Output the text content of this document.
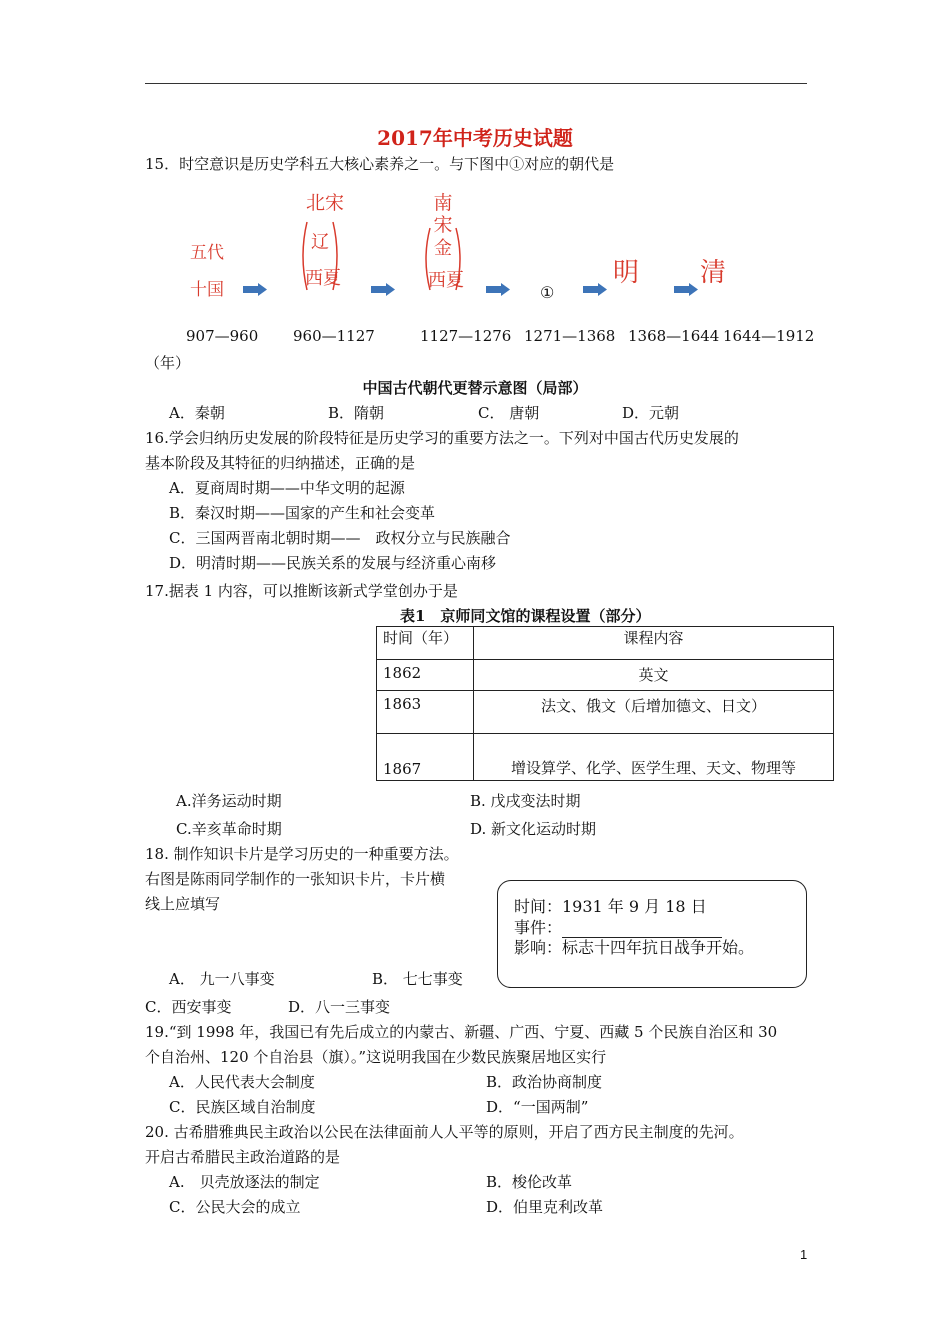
2017年中考历史试题
15．时空意识是历史学科五大核心素养之一。与下图中①对应的朝代是
五代
十国
北宋
辽
西夏
南宋
金
西夏
①
明 清
907—960 960—1127	1127—1276 1271—1368 1368—1644 1644—1912
（年）
中国古代朝代更替示意图（局部）
A．秦朝	B．隋朝	C． 唐朝	D．元朝
16.学会归纳历史发展的阶段特征是历史学习的重要方法之一。下列对中国古代历史发展的
基本阶段及其特征的归纳描述，正确的是
A．夏商周时期——中华文明的起源
B．秦汉时期——国家的产生和社会变革
C．三国两晋南北朝时期——　政权分立与民族融合
D．明清时期——民族关系的发展与经济重心南移
17.据表 1 内容，可以推断该新式学堂创办于是
表1　京师同文馆的课程设置（部分）
时间（年）	课程内容
1862	英文
1863	法文、俄文（后增加德文、日文）
1867	增设算学、化学、医学生理、天文、物理等
A.洋务运动时期	B. 戊戌变法时期
C.辛亥革命时期	D. 新文化运动时期
18. 制作知识卡片是学习历史的一种重要方法。
右图是陈雨同学制作的一张知识卡片，卡片横
线上应填写	时间：1931 年 9 月 18 日
事件：
影响：标志十四年抗日战争开始。
A． 九一八事变	B． 七七事变
C．西安事变	D．八一三事变
19.“到 1998 年，我国已有先后成立的内蒙古、新疆、广西、宁夏、西藏 5 个民族自治区和 30
个自治州、120 个自治县（旗）。”这说明我国在少数民族聚居地区实行
A．人民代表大会制度	B．政治协商制度
C．民族区域自治制度	D．“一国两制”
20. 古希腊雅典民主政治以公民在法律面前人人平等的原则，开启了西方民主制度的先河。
开启古希腊民主政治道路的是
A.　贝壳放逐法的制定	B．梭伦改革
C．公民大会的成立	D．伯里克利改革
1
